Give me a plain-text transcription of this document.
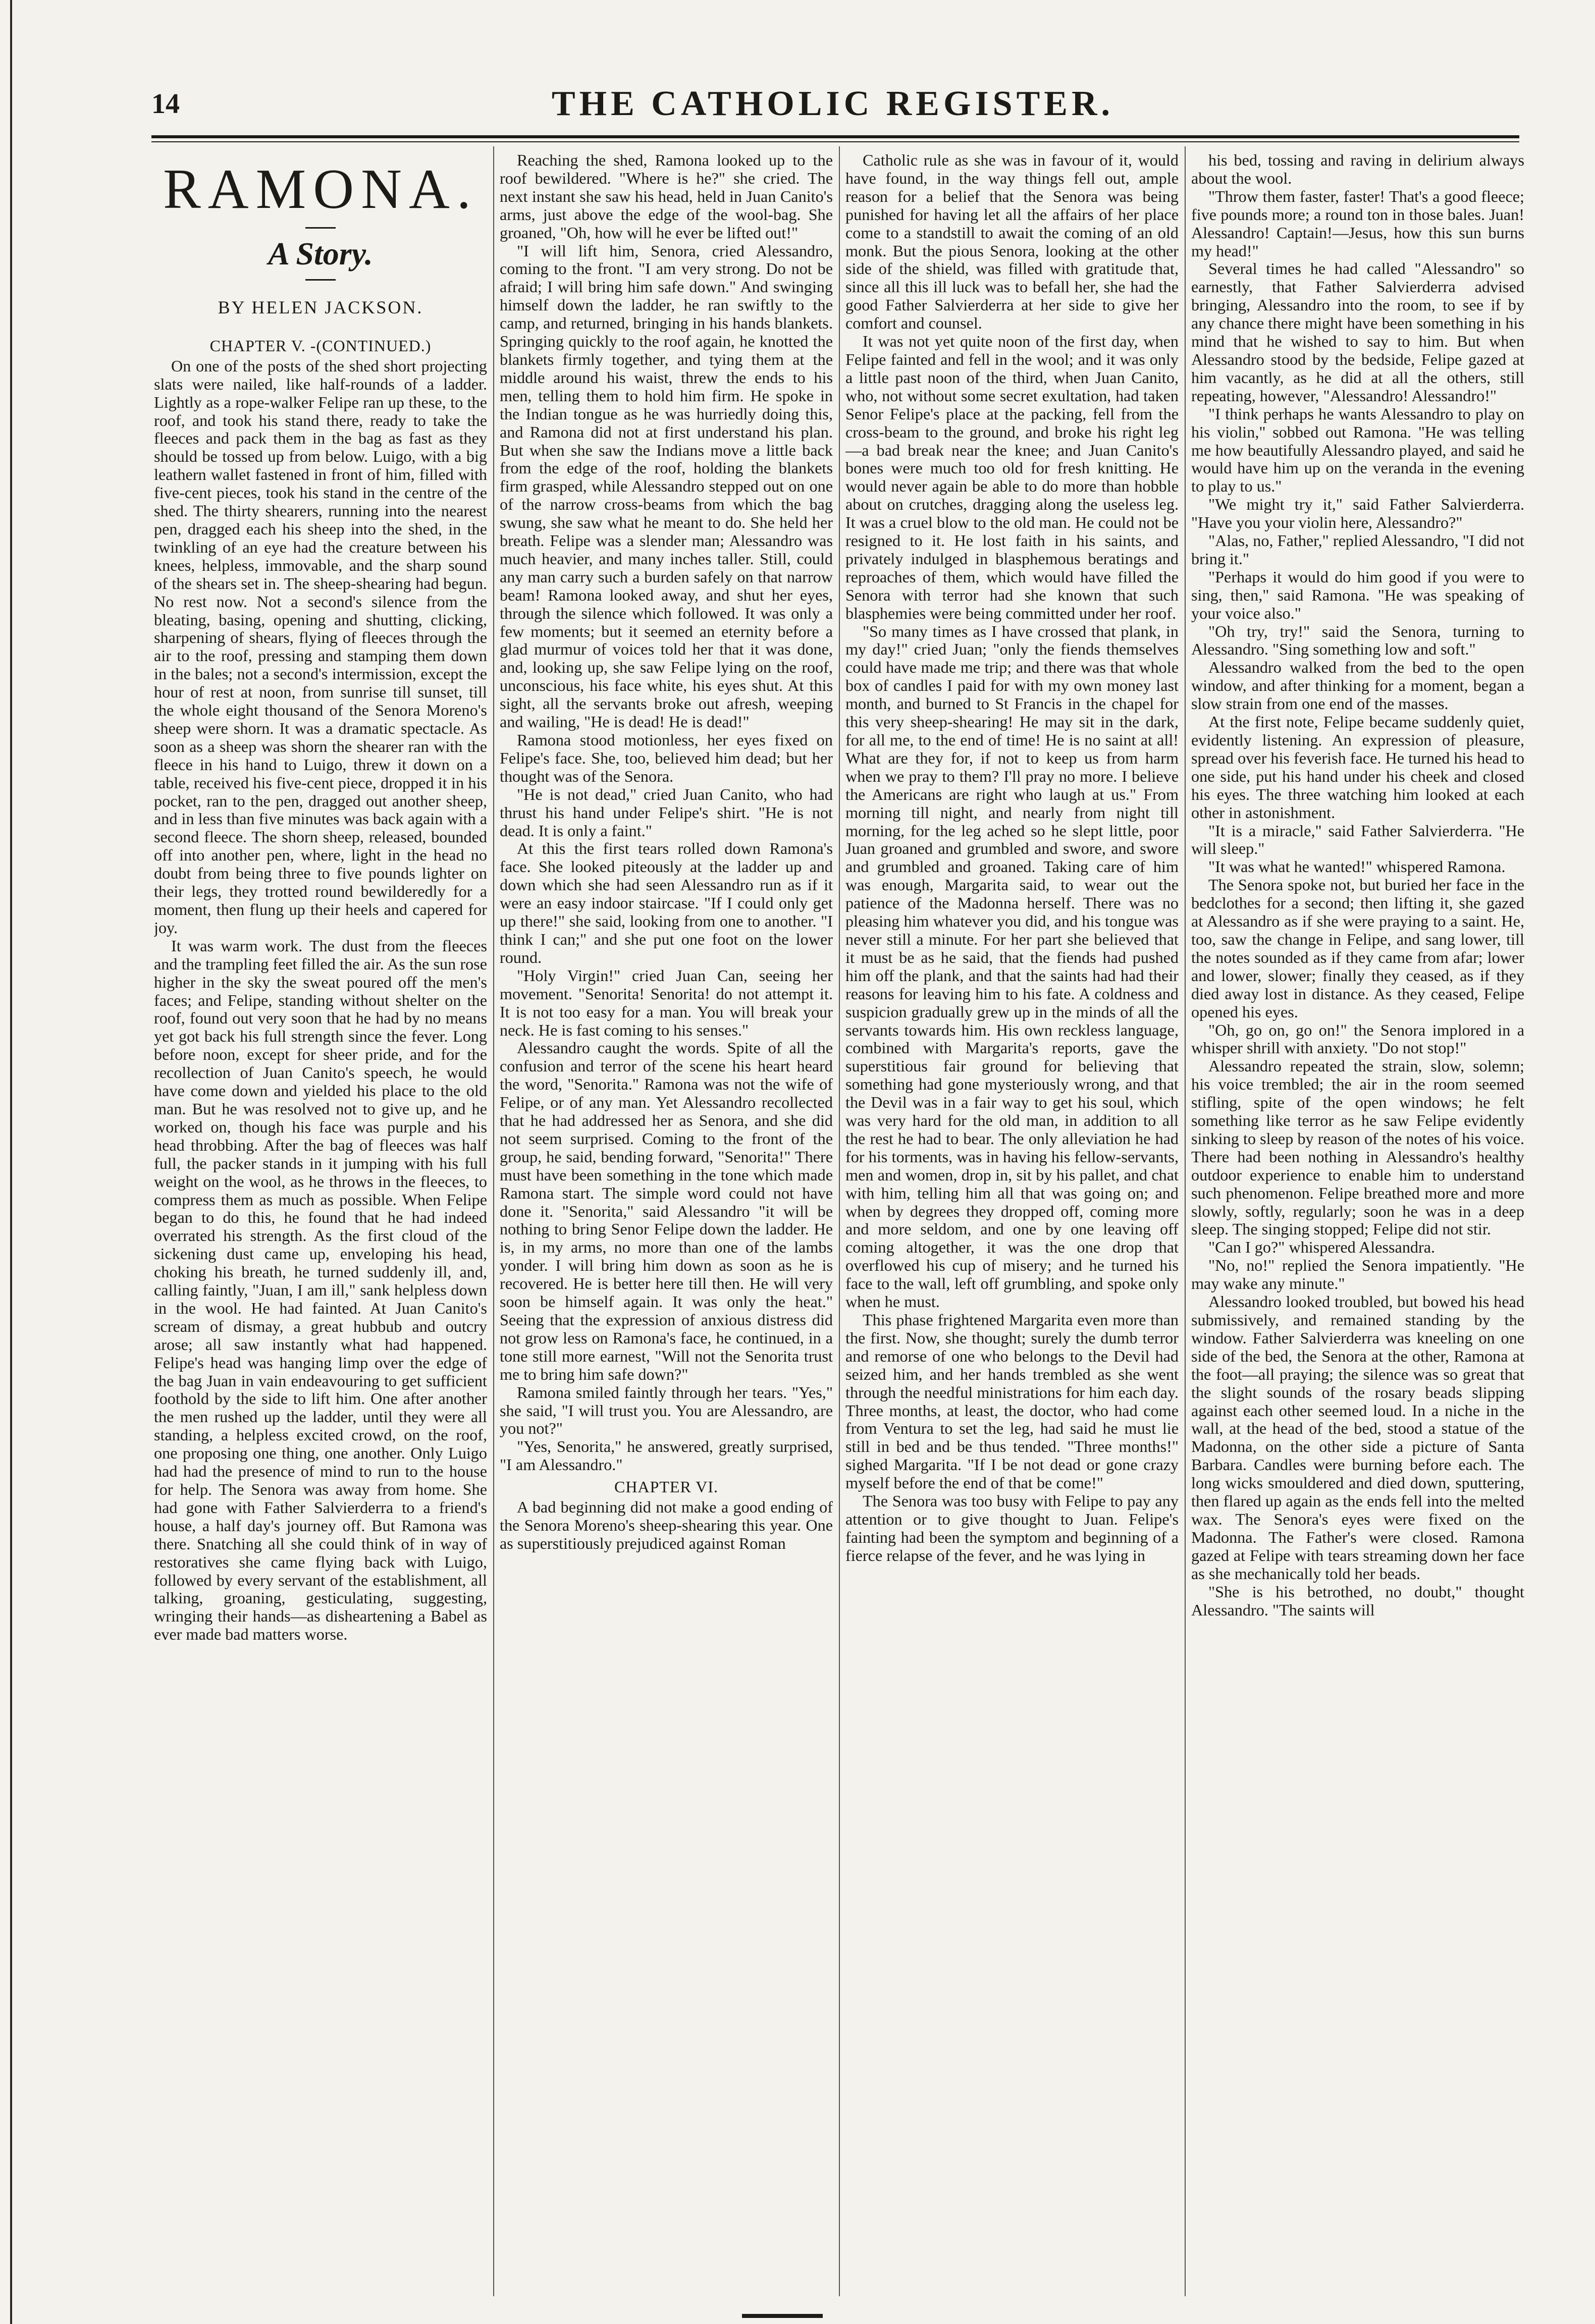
14	THE CATHOLIC REGISTER.
RAMONA.
A Story.
BY HELEN JACKSON.
CHAPTER V. -(CONTINUED.)

On one of the posts of the shed short projecting slats were nailed, like half-rounds of a ladder. Lightly as a rope-walker Felipe ran up these, to the roof, and took his stand there, ready to take the fleeces and pack them in the bag as fast as they should be tossed up from below. Luigo, with a big leathern wallet fastened in front of him, filled with five-cent pieces, took his stand in the centre of the shed. The thirty shearers, running into the nearest pen, dragged each his sheep into the shed, in the twinkling of an eye had the creature between his knees, helpless, immovable, and the sharp sound of the shears set in. The sheep-shearing had begun. No rest now. Not a second's silence from the bleating, basing, opening and shutting, clicking, sharpening of shears, flying of fleeces through the air to the roof, pressing and stamping them down in the bales; not a second's intermission, except the hour of rest at noon, from sunrise till sunset, till the whole eight thousand of the Senora Moreno's sheep were shorn. It was a dramatic spectacle. As soon as a sheep was shorn the shearer ran with the fleece in his hand to Luigo, threw it down on a table, received his five-cent piece, dropped it in his pocket, ran to the pen, dragged out another sheep, and in less than five minutes was back again with a second fleece. The shorn sheep, released, bounded off into another pen, where, light in the head no doubt from being three to five pounds lighter on their legs, they trotted round bewilderedly for a moment, then flung up their heels and capered for joy.

It was warm work. The dust from the fleeces and the trampling feet filled the air. As the sun rose higher in the sky the sweat poured off the men's faces; and Felipe, standing without shelter on the roof, found out very soon that he had by no means yet got back his full strength since the fever. Long before noon, except for sheer pride, and for the recollection of Juan Canito's speech, he would have come down and yielded his place to the old man. But he was resolved not to give up, and he worked on, though his face was purple and his head throbbing. After the bag of fleeces was half full, the packer stands in it jumping with his full weight on the wool, as he throws in the fleeces, to compress them as much as possible. When Felipe began to do this, he found that he had indeed overrated his strength. As the first cloud of the sickening dust came up, enveloping his head, choking his breath, he turned suddenly ill, and, calling faintly, "Juan, I am ill," sank helpless down in the wool. He had fainted. At Juan Canito's scream of dismay, a great hubbub and outcry arose; all saw instantly what had happened. Felipe's head was hanging limp over the edge of the bag Juan in vain endeavouring to get sufficient foothold by the side to lift him. One after another the men rushed up the ladder, until they were all standing, a helpless excited crowd, on the roof, one proposing one thing, one another. Only Luigo had had the presence of mind to run to the house for help. The Senora was away from home. She had gone with Father Salvierderra to a friend's house, a half day's journey off. But Ramona was there. Snatching all she could think of in way of restoratives she came flying back with Luigo, followed by every servant of the establishment, all talking, groaning, gesticulating, suggesting, wringing their hands—as disheartening a Babel as ever made bad matters worse.

Reaching the shed, Ramona looked up to the roof bewildered. "Where is he?" she cried. The next instant she saw his head, held in Juan Canito's arms, just above the edge of the wool-bag. She groaned, "Oh, how will he ever be lifted out!"

"I will lift him, Senora, cried Alessandro, coming to the front. "I am very strong. Do not be afraid; I will bring him safe down." And swinging himself down the ladder, he ran swiftly to the camp, and returned, bringing in his hands blankets. Springing quickly to the roof again, he knotted the blankets firmly together, and tying them at the middle around his waist, threw the ends to his men, telling them to hold him firm. He spoke in the Indian tongue as he was hurriedly doing this, and Ramona did not at first understand his plan. But when she saw the Indians move a little back from the edge of the roof, holding the blankets firm grasped, while Alessandro stepped out on one of the narrow cross-beams from which the bag swung, she saw what he meant to do. She held her breath. Felipe was a slender man; Alessandro was much heavier, and many inches taller. Still, could any man carry such a burden safely on that narrow beam! Ramona looked away, and shut her eyes, through the silence which followed. It was only a few moments; but it seemed an eternity before a glad murmur of voices told her that it was done, and, looking up, she saw Felipe lying on the roof, unconscious, his face white, his eyes shut. At this sight, all the servants broke out afresh, weeping and wailing, "He is dead! He is dead!"

Ramona stood motionless, her eyes fixed on Felipe's face. She, too, believed him dead; but her thought was of the Senora.

"He is not dead," cried Juan Canito, who had thrust his hand under Felipe's shirt. "He is not dead. It is only a faint."

At this the first tears rolled down Ramona's face. She looked piteously at the ladder up and down which she had seen Alessandro run as if it were an easy indoor staircase. "If I could only get up there!" she said, looking from one to another. "I think I can;" and she put one foot on the lower round.

"Holy Virgin!" cried Juan Can, seeing her movement. "Senorita! Senorita! do not attempt it. It is not too easy for a man. You will break your neck. He is fast coming to his senses."

Alessandro caught the words. Spite of all the confusion and terror of the scene his heart heard the word, "Senorita." Ramona was not the wife of Felipe, or of any man. Yet Alessandro recollected that he had addressed her as Senora, and she did not seem surprised. Coming to the front of the group, he said, bending forward, "Senorita!" There must have been something in the tone which made Ramona start. The simple word could not have done it. "Senorita," said Alessandro "it will be nothing to bring Senor Felipe down the ladder. He is, in my arms, no more than one of the lambs yonder. I will bring him down as soon as he is recovered. He is better here till then. He will very soon be himself again. It was only the heat." Seeing that the expression of anxious distress did not grow less on Ramona's face, he continued, in a tone still more earnest, "Will not the Senorita trust me to bring him safe down?"

Ramona smiled faintly through her tears. "Yes," she said, "I will trust you. You are Alessandro, are you not?"

"Yes, Senorita," he answered, greatly surprised, "I am Alessandro."

CHAPTER VI.

A bad beginning did not make a good ending of the Senora Moreno's sheep-shearing this year. One as superstitiously prejudiced against Roman

Catholic rule as she was in favour of it, would have found, in the way things fell out, ample reason for a belief that the Senora was being punished for having let all the affairs of her place come to a standstill to await the coming of an old monk. But the pious Senora, looking at the other side of the shield, was filled with gratitude that, since all this ill luck was to befall her, she had the good Father Salvierderra at her side to give her comfort and counsel.

It was not yet quite noon of the first day, when Felipe fainted and fell in the wool; and it was only a little past noon of the third, when Juan Canito, who, not without some secret exultation, had taken Senor Felipe's place at the packing, fell from the cross-beam to the ground, and broke his right leg—a bad break near the knee; and Juan Canito's bones were much too old for fresh knitting. He would never again be able to do more than hobble about on crutches, dragging along the useless leg. It was a cruel blow to the old man. He could not be resigned to it. He lost faith in his saints, and privately indulged in blasphemous beratings and reproaches of them, which would have filled the Senora with terror had she known that such blasphemies were being committed under her roof.

"So many times as I have crossed that plank, in my day!" cried Juan; "only the fiends themselves could have made me trip; and there was that whole box of candles I paid for with my own money last month, and burned to St Francis in the chapel for this very sheep-shearing! He may sit in the dark, for all me, to the end of time! He is no saint at all! What are they for, if not to keep us from harm when we pray to them? I'll pray no more. I believe the Americans are right who laugh at us." From morning till night, and nearly from night till morning, for the leg ached so he slept little, poor Juan groaned and grumbled and swore, and swore and grumbled and groaned. Taking care of him was enough, Margarita said, to wear out the patience of the Madonna herself. There was no pleasing him whatever you did, and his tongue was never still a minute. For her part she believed that it must be as he said, that the fiends had pushed him off the plank, and that the saints had had their reasons for leaving him to his fate. A coldness and suspicion gradually grew up in the minds of all the servants towards him. His own reckless language, combined with Margarita's reports, gave the superstitious fair ground for believing that something had gone mysteriously wrong, and that the Devil was in a fair way to get his soul, which was very hard for the old man, in addition to all the rest he had to bear. The only alleviation he had for his torments, was in having his fellow-servants, men and women, drop in, sit by his pallet, and chat with him, telling him all that was going on; and when by degrees they dropped off, coming more and more seldom, and one by one leaving off coming altogether, it was the one drop that overflowed his cup of misery; and he turned his face to the wall, left off grumbling, and spoke only when he must.

This phase frightened Margarita even more than the first. Now, she thought; surely the dumb terror and remorse of one who belongs to the Devil had seized him, and her hands trembled as she went through the needful ministrations for him each day. Three months, at least, the doctor, who had come from Ventura to set the leg, had said he must lie still in bed and be thus tended. "Three months!" sighed Margarita. "If I be not dead or gone crazy myself before the end of that be come!"

The Senora was too busy with Felipe to pay any attention or to give thought to Juan. Felipe's fainting had been the symptom and beginning of a fierce relapse of the fever, and he was lying in

his bed, tossing and raving in delirium always about the wool.

"Throw them faster, faster! That's a good fleece; five pounds more; a round ton in those bales. Juan! Alessandro! Captain!—Jesus, how this sun burns my head!"

Several times he had called "Alessandro" so earnestly, that Father Salvierderra advised bringing, Alessandro into the room, to see if by any chance there might have been something in his mind that he wished to say to him. But when Alessandro stood by the bedside, Felipe gazed at him vacantly, as he did at all the others, still repeating, however, "Alessandro! Alessandro!"

"I think perhaps he wants Alessandro to play on his violin," sobbed out Ramona. "He was telling me how beautifully Alessandro played, and said he would have him up on the veranda in the evening to play to us."

"We might try it," said Father Salvierderra. "Have you your violin here, Alessandro?"

"Alas, no, Father," replied Alessandro, "I did not bring it."

"Perhaps it would do him good if you were to sing, then," said Ramona. "He was speaking of your voice also."

"Oh try, try!" said the Senora, turning to Alessandro. "Sing something low and soft."

Alessandro walked from the bed to the open window, and after thinking for a moment, began a slow strain from one end of the masses.

At the first note, Felipe became suddenly quiet, evidently listening. An expression of pleasure, spread over his feverish face. He turned his head to one side, put his hand under his cheek and closed his eyes. The three watching him looked at each other in astonishment.

"It is a miracle," said Father Salvierderra. "He will sleep."

"It was what he wanted!" whispered Ramona.

The Senora spoke not, but buried her face in the bedclothes for a second; then lifting it, she gazed at Alessandro as if she were praying to a saint. He, too, saw the change in Felipe, and sang lower, till the notes sounded as if they came from afar; lower and lower, slower; finally they ceased, as if they died away lost in distance. As they ceased, Felipe opened his eyes.

"Oh, go on, go on!" the Senora implored in a whisper shrill with anxiety. "Do not stop!"

Alessandro repeated the strain, slow, solemn; his voice trembled; the air in the room seemed stifling, spite of the open windows; he felt something like terror as he saw Felipe evidently sinking to sleep by reason of the notes of his voice. There had been nothing in Alessandro's healthy outdoor experience to enable him to understand such phenomenon. Felipe breathed more and more slowly, softly, regularly; soon he was in a deep sleep. The singing stopped; Felipe did not stir.

"Can I go?" whispered Alessandra.

"No, no!" replied the Senora impatiently. "He may wake any minute."

Alessandro looked troubled, but bowed his head submissively, and remained standing by the window. Father Salvierderra was kneeling on one side of the bed, the Senora at the other, Ramona at the foot—all praying; the silence was so great that the slight sounds of the rosary beads slipping against each other seemed loud. In a niche in the wall, at the head of the bed, stood a statue of the Madonna, on the other side a picture of Santa Barbara. Candles were burning before each. The long wicks smouldered and died down, sputtering, then flared up again as the ends fell into the melted wax. The Senora's eyes were fixed on the Madonna. The Father's were closed. Ramona gazed at Felipe with tears streaming down her face as she mechanically told her beads.

"She is his betrothed, no doubt," thought Alessandro. "The saints will
